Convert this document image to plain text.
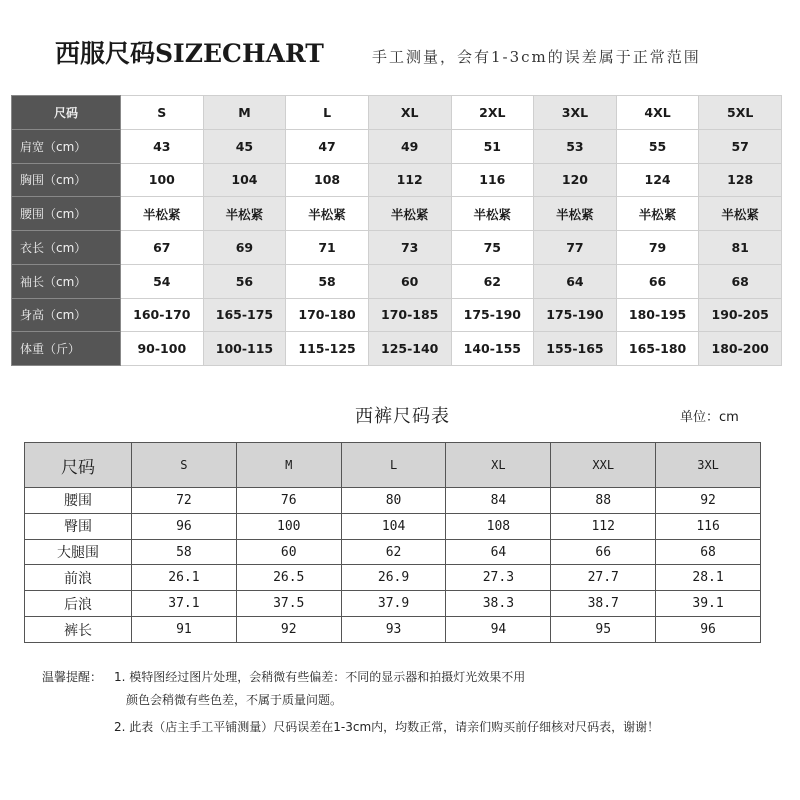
西服尺码SIZECHART	手工测量，会有1-3cm的误差属于正常范围
尺码	S	M	L	XL	2XL	3XL	4XL	5XL
肩宽（cm）	43	45	47	49	51	53	55	57
胸围（cm）	100	104	108	112	116	120	124	128
腰围（cm）	半松紧	半松紧	半松紧	半松紧	半松紧	半松紧	半松紧	半松紧
衣长（cm）	67	69	71	73	75	77	79	81
袖长（cm）	54	56	58	60	62	64	66	68
身高（cm）	160-170	165-175	170-180	170-185	175-190	175-190	180-195	190-205
体重（斤）	90-100	100-115	115-125	125-140	140-155	155-165	165-180	180-200
西裤尺码表	单位：cm
尺码	S	M	L	XL	XXL	3XL
腰围	72	76	80	84	88	92
臀围	96	100	104	108	112	116
大腿围	58	60	62	64	66	68
前浪	26.1	26.5	26.9	27.3	27.7	28.1
后浪	37.1	37.5	37.9	38.3	38.7	39.1
裤长	91	92	93	94	95	96
温馨提醒： 1. 模特图经过图片处理，会稍微有些偏差：不同的显示器和拍摄灯光效果不用
颜色会稍微有些色差，不属于质量问题。
2. 此表（店主手工平铺测量）尺码误差在1-3cm内，均数正常，请亲们购买前仔细核对尺码表，谢谢！
